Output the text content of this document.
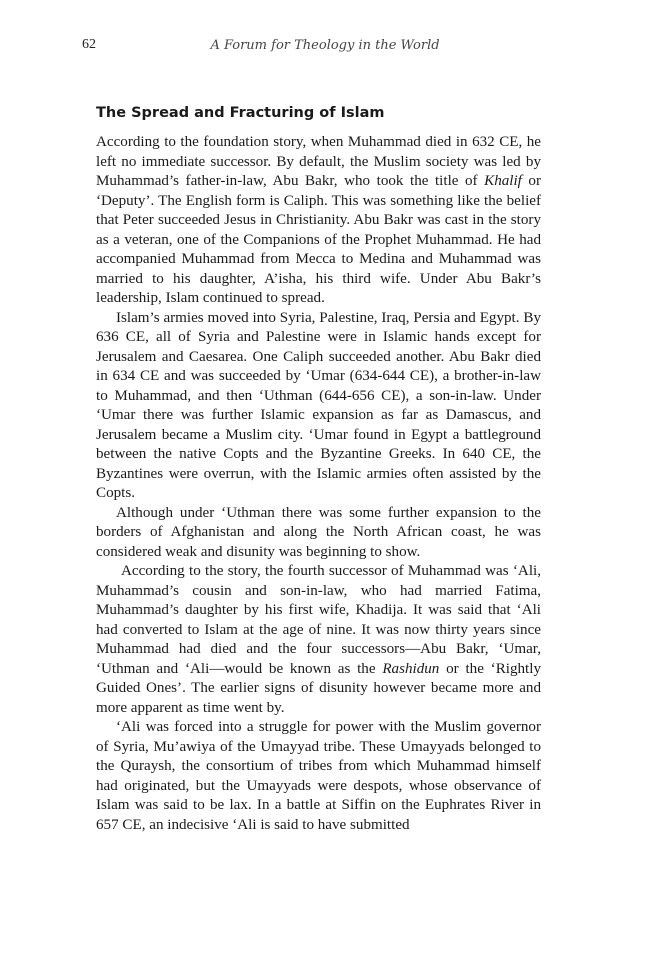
62	A Forum for Theology in the World
The Spread and Fracturing of Islam

According to the foundation story, when Muhammad died in 632 CE, he left no immediate successor. By default, the Muslim society was led by Muhammad’s father-in-law, Abu Bakr, who took the title of Khalif or ‘Deputy’. The English form is Caliph. This was something like the belief that Peter succeeded Jesus in Christianity. Abu Bakr was cast in the story as a veteran, one of the Companions of the Prophet Muhammad. He had accompanied Muhammad from Mecca to Medina and Muhammad was married to his daughter, A’isha, his third wife. Under Abu Bakr’s leadership, Islam continued to spread.

Islam’s armies moved into Syria, Palestine, Iraq, Persia and Egypt. By 636 CE, all of Syria and Palestine were in Islamic hands except for Jerusalem and Caesarea. One Caliph succeeded another. Abu Bakr died in 634 CE and was succeeded by ‘Umar (634-644 CE), a brother-in-law to Muhammad, and then ‘Uthman (644-656 CE), a son-in-law. Under ‘Umar there was further Islamic expansion as far as Damascus, and Jerusalem became a Muslim city. ‘Umar found in Egypt a battleground between the native Copts and the Byzantine Greeks. In 640 CE, the Byzantines were overrun, with the Islamic armies often assisted by the Copts.

Although under ‘Uthman there was some further expansion to the borders of Afghanistan and along the North African coast, he was considered weak and disunity was beginning to show.

According to the story, the fourth successor of Muhammad was ‘Ali, Muhammad’s cousin and son-in-law, who had married Fatima, Muhammad’s daughter by his first wife, Khadija. It was said that ‘Ali had converted to Islam at the age of nine. It was now thirty years since Muhammad had died and the four successors—Abu Bakr, ‘Umar, ‘Uthman and ‘Ali—would be known as the Rashidun or the ‘Rightly Guided Ones’. The earlier signs of disunity however became more and more apparent as time went by.

‘Ali was forced into a struggle for power with the Muslim governor of Syria, Mu’awiya of the Umayyad tribe. These Umayyads belonged to the Quraysh, the consortium of tribes from which Muhammad himself had originated, but the Umayyads were despots, whose observance of Islam was said to be lax. In a battle at Siffin on the Euphrates River in 657 CE, an indecisive ‘Ali is said to have submitted
